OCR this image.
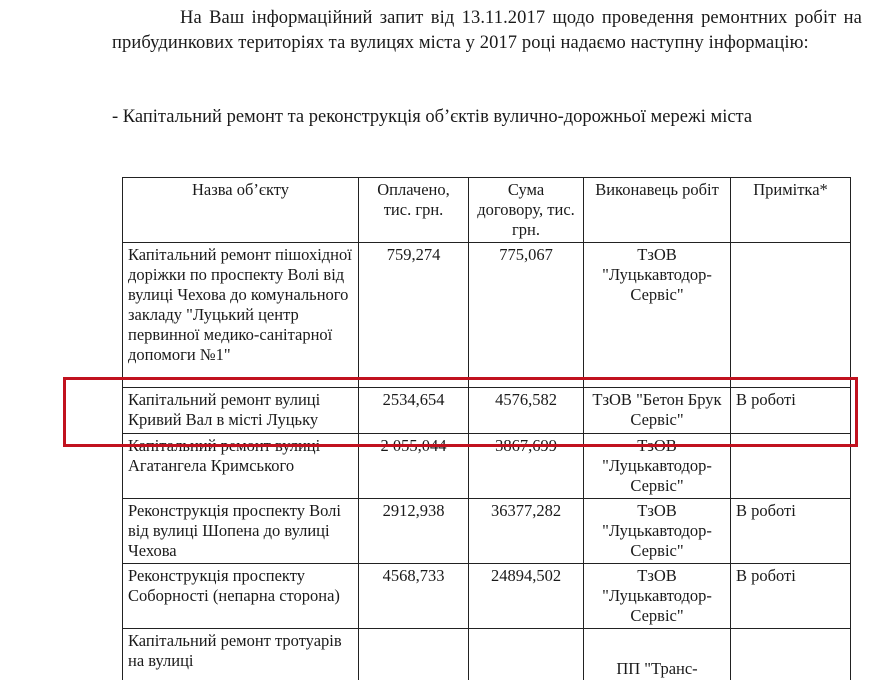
На Ваш інформаційний запит від 13.11.2017 щодо проведення ремонтних робіт на прибудинкових територіях та вулицях міста у 2017 році надаємо наступну інформацію:

- Капітальний ремонт та реконструкція об’єктів вулично-дорожньої мережі міста

Назва об’єкту	Оплачено, тис. грн.	Сума договору, тис. грн.	Виконавець робіт	Примітка*
Капітальний ремонт пішохідної доріжки по проспекту Волі від вулиці Чехова до комунального закладу "Луцький центр первинної медико-санітарної допомоги №1"	759,274	775,067	ТзОВ "Луцькавтодор-Сервіс"	
Капітальний ремонт вулиці Кривий Вал в місті Луцьку	2534,654	4576,582	ТзОВ "Бетон Брук Сервіс"	В роботі
Капітальний ремонт вулиці Агатангела Кримського	2 055,044	3867,699	ТзОВ "Луцькавтодор-Сервіс"	
Реконструкція проспекту Волі від вулиці Шопена до вулиці Чехова	2912,938	36377,282	ТзОВ "Луцькавтодор-Сервіс"	В роботі
Реконструкція проспекту Соборності (непарна сторона)	4568,733	24894,502	ТзОВ "Луцькавтодор-Сервіс"	В роботі
Капітальний ремонт тротуарів на вулиці			ПП "Транс-	
